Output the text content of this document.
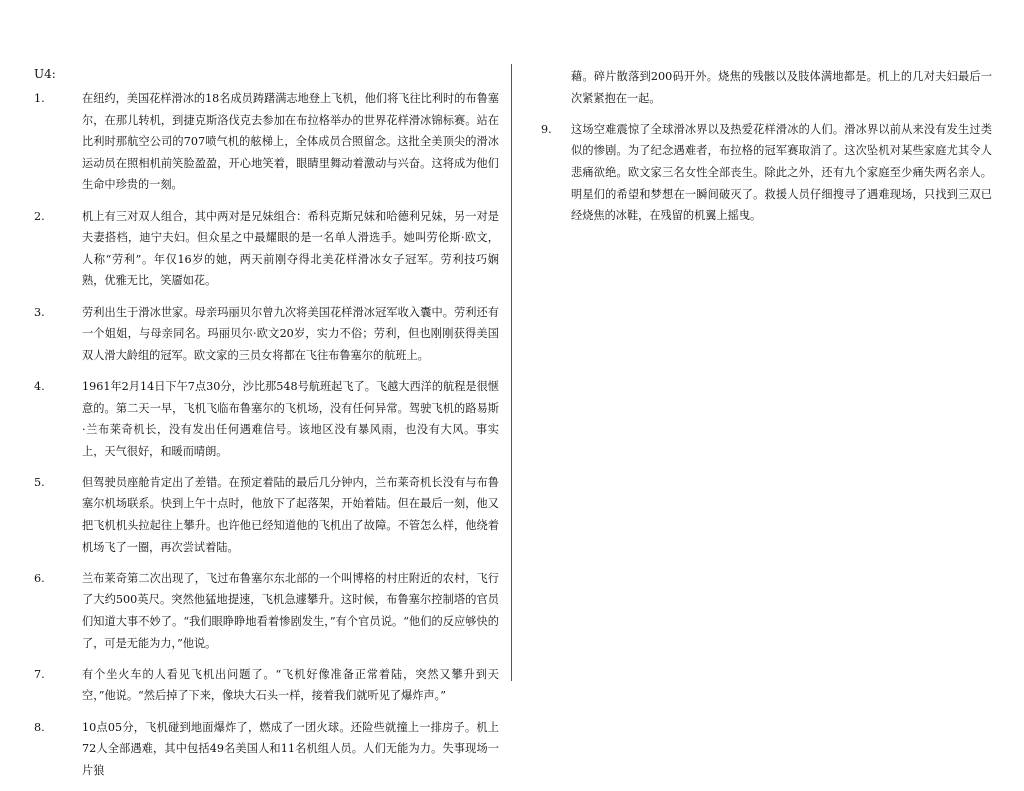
U4:
1.	在纽约，美国花样滑冰的18名成员踌躇满志地登上飞机，他们将飞往比利时的布鲁塞尔，在那儿转机，到捷克斯洛伐克去参加在布拉格举办的世界花样滑冰锦标赛。站在比利时那航空公司的707喷气机的舷梯上，全体成员合照留念。这批全美顶尖的滑冰运动员在照相机前笑脸盈盈，开心地笑着，眼睛里舞动着激动与兴奋。这将成为他们生命中珍贵的一刻。
2.	机上有三对双人组合，其中两对是兄妹组合：希科克斯兄妹和哈德利兄妹，另一对是夫妻搭档，迪宁夫妇。但众星之中最耀眼的是一名单人滑选手。她叫劳伦斯·欧文，人称“劳利”。年仅16岁的她，两天前刚夺得北美花样滑冰女子冠军。劳利技巧娴熟，优雅无比，笑靥如花。
3.	劳利出生于滑冰世家。母亲玛丽贝尔曾九次将美国花样滑冰冠军收入囊中。劳利还有一个姐姐，与母亲同名。玛丽贝尔·欧文20岁，实力不俗；劳利，但也刚刚获得美国双人滑大龄组的冠军。欧文家的三员女将都在飞往布鲁塞尔的航班上。
4.	1961年2月14日下午7点30分，沙比那548号航班起飞了。飞越大西洋的航程是很惬意的。第二天一早，飞机飞临布鲁塞尔的飞机场，没有任何异常。驾驶飞机的路易斯·兰布莱奇机长，没有发出任何遇难信号。该地区没有暴风雨，也没有大风。事实上，天气很好，和暖而晴朗。
5.	但驾驶员座舱肯定出了差错。在预定着陆的最后几分钟内，兰布莱奇机长没有与布鲁塞尔机场联系。快到上午十点时，他放下了起落架，开始着陆。但在最后一刻，他又把飞机机头拉起往上攀升。也许他已经知道他的飞机出了故障。不管怎么样，他绕着机场飞了一圈，再次尝试着陆。
6.	兰布莱奇第二次出现了，飞过布鲁塞尔东北部的一个叫博格的村庄附近的农村，飞行了大约500英尺。突然他猛地提速，飞机急遽攀升。这时候，布鲁塞尔控制塔的官员们知道大事不妙了。“我们眼睁睁地看着惨剧发生，”有个官员说。“他们的反应够快的了，可是无能为力，”他说。
7.	有个坐火车的人看见飞机出问题了。“飞机好像准备正常着陆，突然又攀升到天空，”他说。“然后掉了下来，像块大石头一样，接着我们就听见了爆炸声。”
8.	10点05分，飞机碰到地面爆炸了，燃成了一团火球。还险些就撞上一排房子。机上72人全部遇难，其中包括49名美国人和11名机组人员。人们无能为力。失事现场一片狼
藉。碎片散落到200码开外。烧焦的残骸以及肢体满地都是。机上的几对夫妇最后一次紧紧抱在一起。
9.	这场空难震惊了全球滑冰界以及热爱花样滑冰的人们。滑冰界以前从来没有发生过类似的惨剧。为了纪念遇难者，布拉格的冠军赛取消了。这次坠机对某些家庭尤其令人悲痛欲绝。欧文家三名女性全部丧生。除此之外，还有九个家庭至少痛失两名亲人。明星们的希望和梦想在一瞬间破灭了。救援人员仔细搜寻了遇难现场，只找到三双已经烧焦的冰鞋，在残留的机翼上摇曳。
